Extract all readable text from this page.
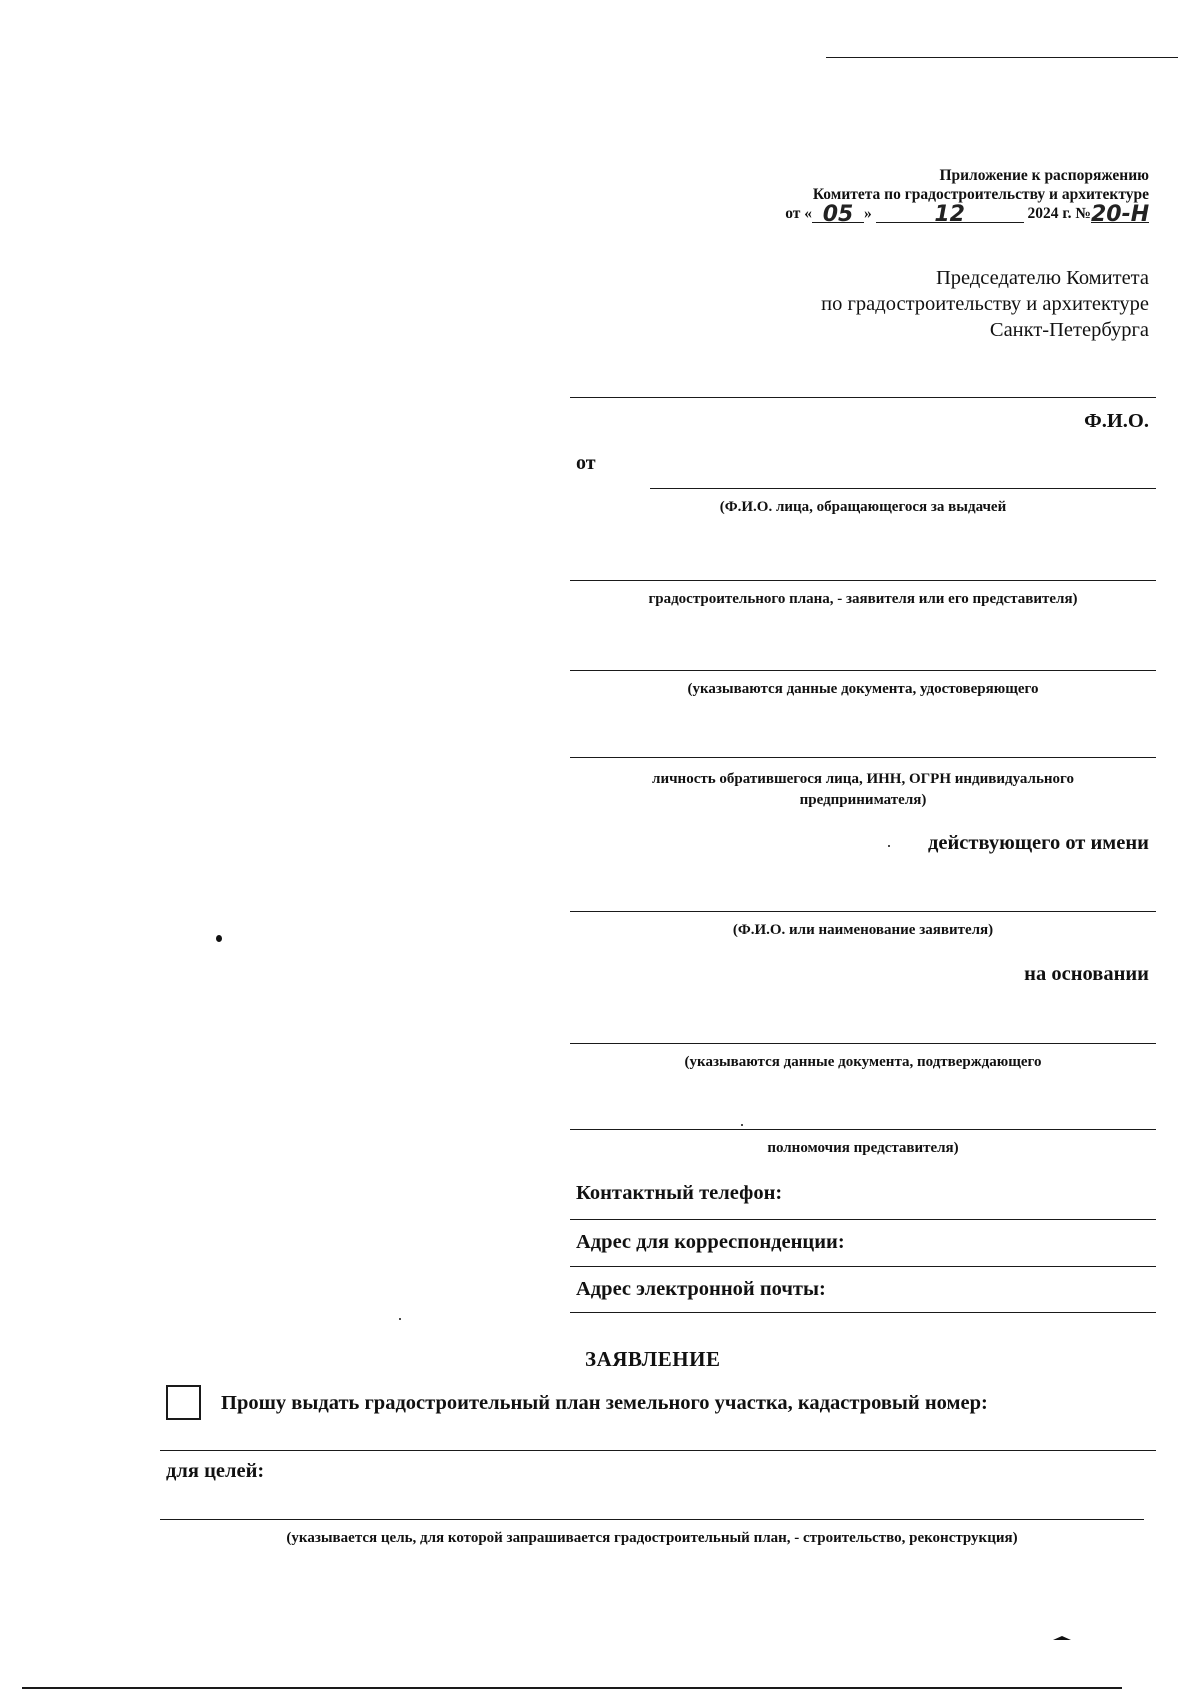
Приложение к распоряжению
Комитета по градостроительству и архитектуре
от « 05 »	12	2024 г. № 20-Н
Председателю Комитета
по градостроительству и архитектуре
Санкт-Петербурга
Ф.И.О.
от
(Ф.И.О. лица, обращающегося за выдачей
градостроительного плана, - заявителя или его представителя)
(указываются данные документа, удостоверяющего
личность обратившегося лица, ИНН, ОГРН индивидуального
предпринимателя)
действующего от имени
(Ф.И.О. или наименование заявителя)
на основании
(указываются данные документа, подтверждающего
полномочия представителя)
Контактный телефон:
Адрес для корреспонденции:
Адрес электронной почты:
ЗАЯВЛЕНИЕ
Прошу выдать градостроительный план земельного участка, кадастровый номер:
для целей:
(указывается цель, для которой запрашивается градостроительный план, - строительство, реконструкция)
